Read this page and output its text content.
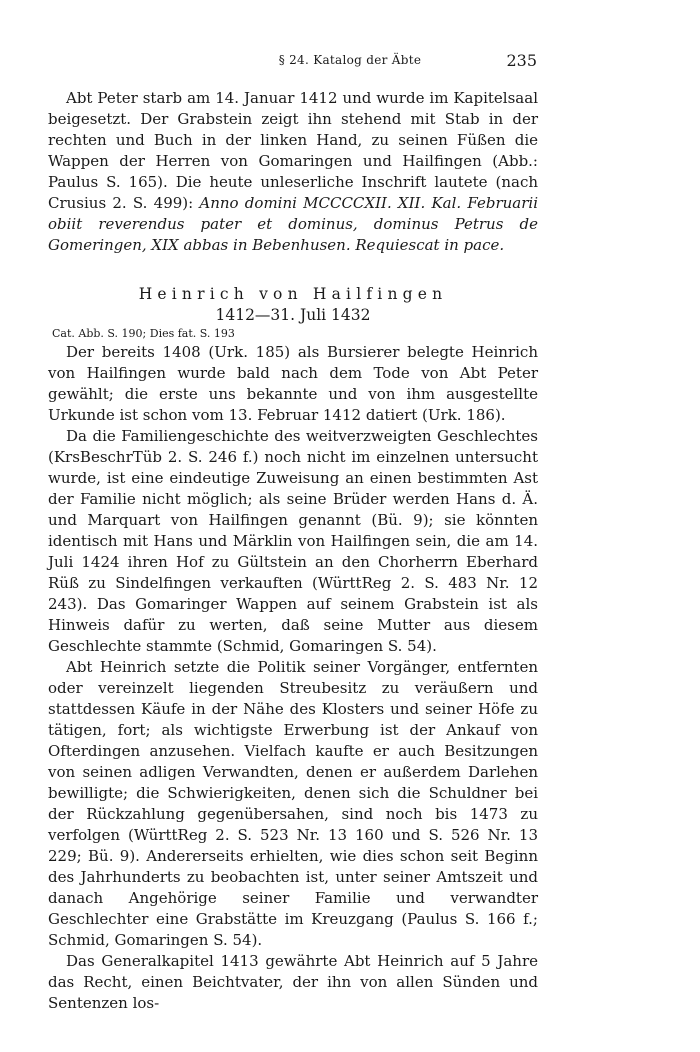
§ 24. Katalog der Äbte	235

Abt Peter starb am 14. Januar 1412 und wurde im Kapitelsaal beigesetzt. Der Grabstein zeigt ihn stehend mit Stab in der rechten und Buch in der linken Hand, zu seinen Füßen die Wappen der Herren von Gomaringen und Hailfingen (Abb.: Paulus S. 165). Die heute unleserliche Inschrift lautete (nach Crusius 2. S. 499): Anno domini MCCCCXII. XII. Kal. Februarii obiit reverendus pater et dominus, dominus Petrus de Gomeringen, XIX abbas in Bebenhusen. Requiescat in pace.

Heinrich von Hailfingen
1412—31. Juli 1432

Cat. Abb. S. 190; Dies fat. S. 193

Der bereits 1408 (Urk. 185) als Bursierer belegte Heinrich von Hailfingen wurde bald nach dem Tode von Abt Peter gewählt; die erste uns bekannte und von ihm ausgestellte Urkunde ist schon vom 13. Februar 1412 datiert (Urk. 186).

Da die Familiengeschichte des weitverzweigten Geschlechtes (KrsBeschrTüb 2. S. 246 f.) noch nicht im einzelnen untersucht wurde, ist eine eindeutige Zuweisung an einen bestimmten Ast der Familie nicht möglich; als seine Brüder werden Hans d. Ä. und Marquart von Hailfingen genannt (Bü. 9); sie könnten identisch mit Hans und Märklin von Hailfingen sein, die am 14. Juli 1424 ihren Hof zu Gültstein an den Chorherrn Eberhard Rüß zu Sindelfingen verkauften (WürttReg 2. S. 483 Nr. 12 243). Das Gomaringer Wappen auf seinem Grabstein ist als Hinweis dafür zu werten, daß seine Mutter aus diesem Geschlechte stammte (Schmid, Gomaringen S. 54).

Abt Heinrich setzte die Politik seiner Vorgänger, entfernten oder vereinzelt liegenden Streubesitz zu veräußern und stattdessen Käufe in der Nähe des Klosters und seiner Höfe zu tätigen, fort; als wichtigste Erwerbung ist der Ankauf von Ofterdingen anzusehen. Vielfach kaufte er auch Besitzungen von seinen adligen Verwandten, denen er außerdem Darlehen bewilligte; die Schwierigkeiten, denen sich die Schuldner bei der Rückzahlung gegenübersahen, sind noch bis 1473 zu verfolgen (WürttReg 2. S. 523 Nr. 13 160 und S. 526 Nr. 13 229; Bü. 9). Andererseits erhielten, wie dies schon seit Beginn des Jahrhunderts zu beobachten ist, unter seiner Amtszeit und danach Angehörige seiner Familie und verwandter Geschlechter eine Grabstätte im Kreuzgang (Paulus S. 166 f.; Schmid, Gomaringen S. 54).

Das Generalkapitel 1413 gewährte Abt Heinrich auf 5 Jahre das Recht, einen Beichtvater, der ihn von allen Sünden und Sentenzen los-
